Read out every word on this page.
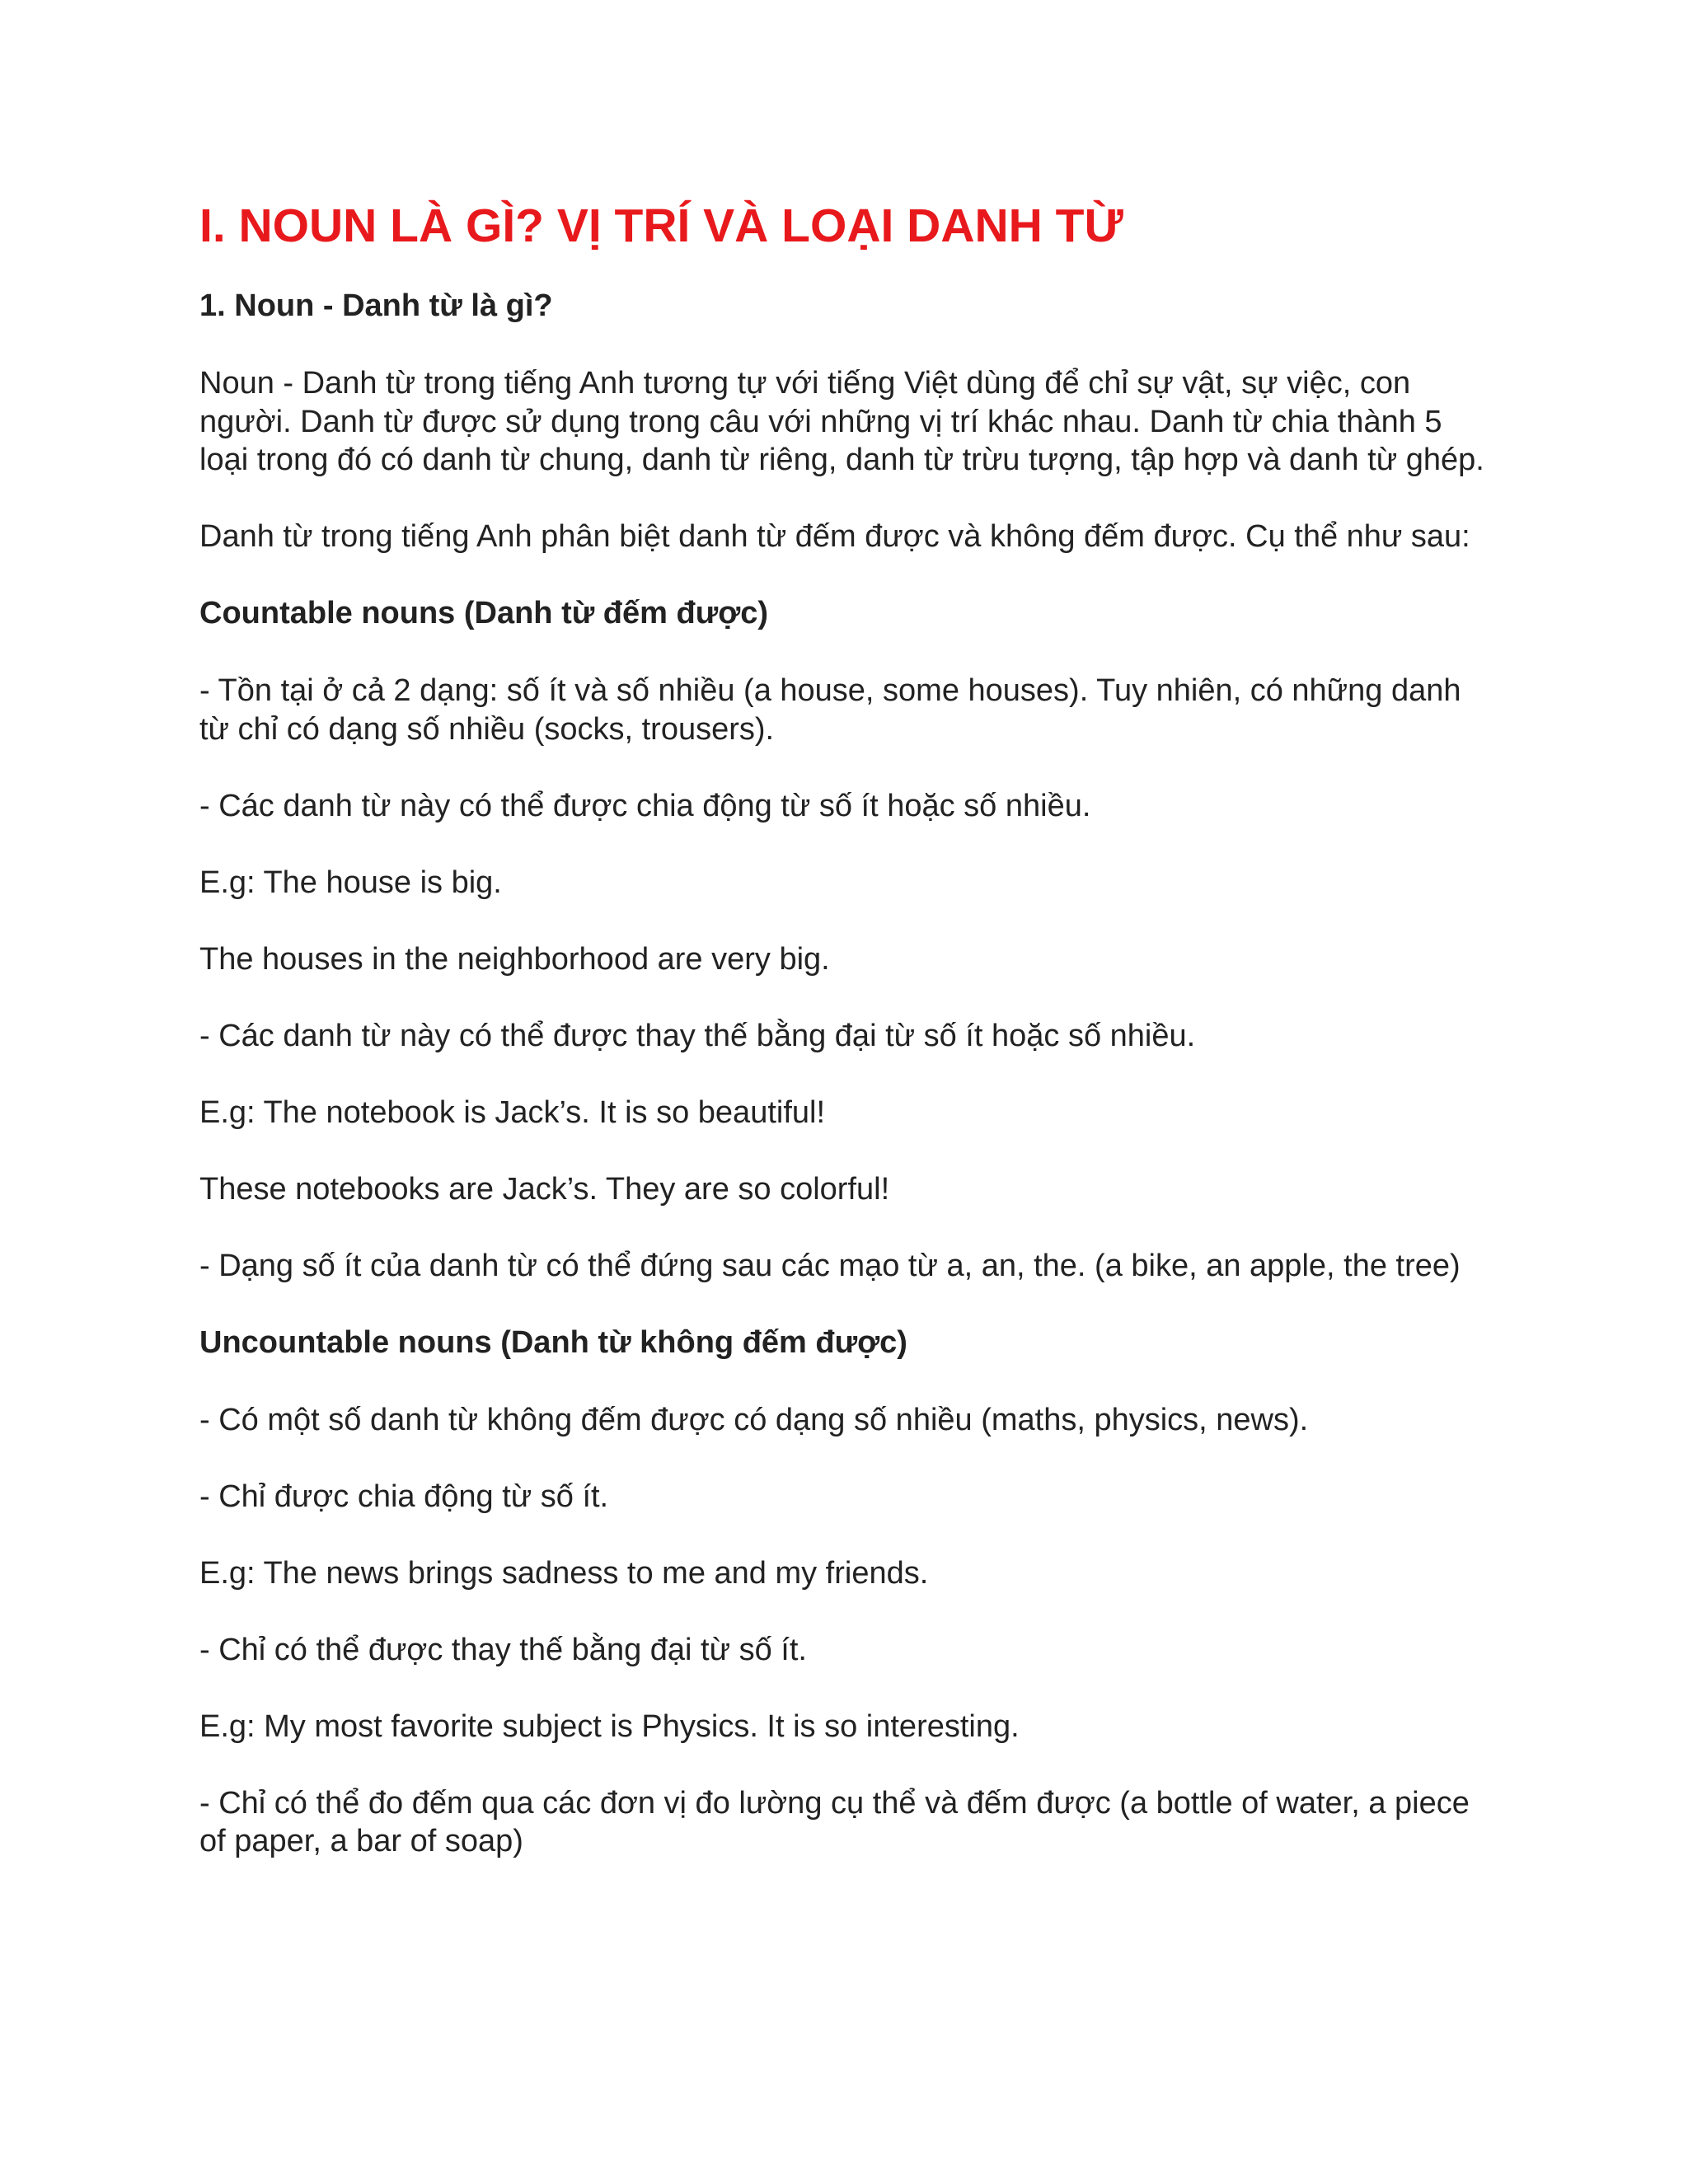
I. NOUN LÀ GÌ? VỊ TRÍ VÀ LOẠI DANH TỪ
1. Noun - Danh từ là gì?

Noun - Danh từ trong tiếng Anh tương tự với tiếng Việt dùng để chỉ sự vật, sự việc, con người. Danh từ được sử dụng trong câu với những vị trí khác nhau. Danh từ chia thành 5 loại trong đó có danh từ chung, danh từ riêng, danh từ trừu tượng, tập hợp và danh từ ghép.

Danh từ trong tiếng Anh phân biệt danh từ đếm được và không đếm được. Cụ thể như sau:

Countable nouns (Danh từ đếm được)

- Tồn tại ở cả 2 dạng: số ít và số nhiều (a house, some houses). Tuy nhiên, có những danh từ chỉ có dạng số nhiều (socks, trousers).

- Các danh từ này có thể được chia động từ số ít hoặc số nhiều.

E.g: The house is big.

The houses in the neighborhood are very big.

- Các danh từ này có thể được thay thế bằng đại từ số ít hoặc số nhiều.

E.g: The notebook is Jack’s. It is so beautiful!

These notebooks are Jack’s. They are so colorful!

- Dạng số ít của danh từ có thể đứng sau các mạo từ a, an, the. (a bike, an apple, the tree)

Uncountable nouns (Danh từ không đếm được)

- Có một số danh từ không đếm được có dạng số nhiều (maths, physics, news).

- Chỉ được chia động từ số ít.

E.g: The news brings sadness to me and my friends.

- Chỉ có thể được thay thế bằng đại từ số ít.

E.g: My most favorite subject is Physics. It is so interesting.

- Chỉ có thể đo đếm qua các đơn vị đo lường cụ thể và đếm được (a bottle of water, a piece of paper, a bar of soap)
